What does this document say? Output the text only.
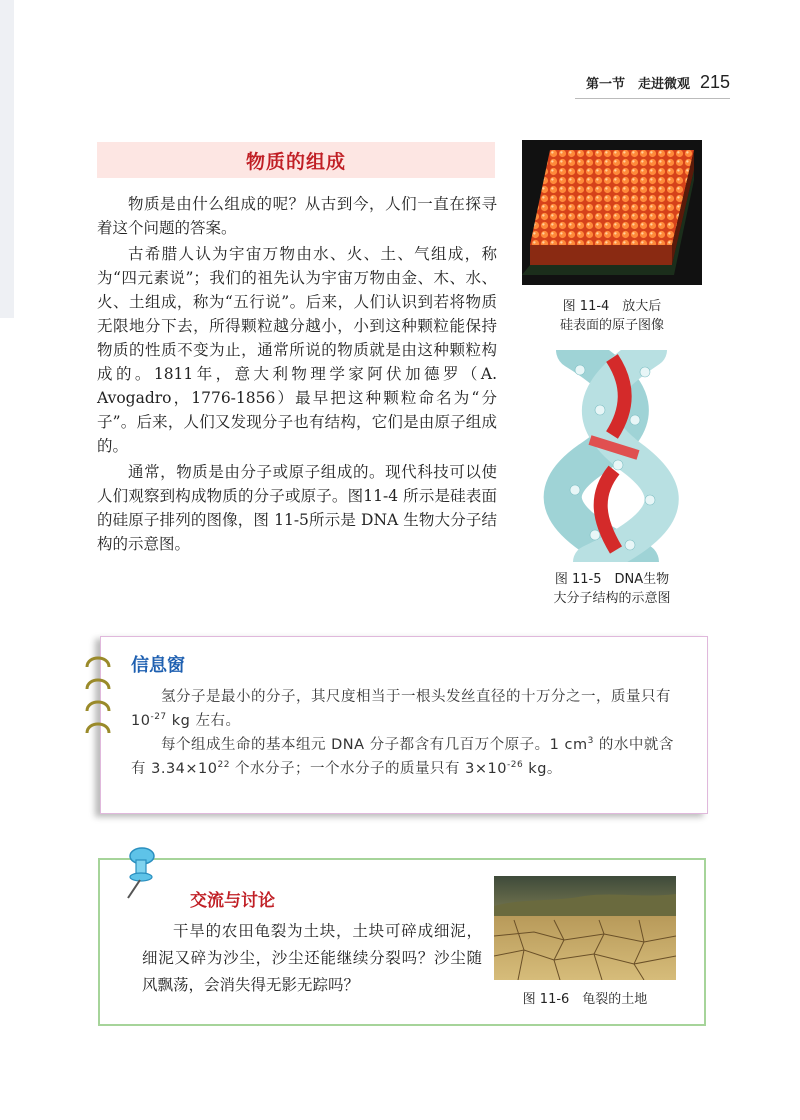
第一节　走进微观 215
物质的组成

物质是由什么组成的呢？从古到今，人们一直在探寻着这个问题的答案。

古希腊人认为宇宙万物由水、火、土、气组成，称为“四元素说”；我们的祖先认为宇宙万物由金、木、水、火、土组成，称为“五行说”。后来，人们认识到若将物质无限地分下去，所得颗粒越分越小，小到这种颗粒能保持物质的性质不变为止，通常所说的物质就是由这种颗粒构成的。1811年，意大利物理学家阿伏加德罗（A. Avogadro，1776-1856）最早把这种颗粒命名为“分子”。后来，人们又发现分子也有结构，它们是由原子组成的。

通常，物质是由分子或原子组成的。现代科技可以使人们观察到构成物质的分子或原子。图11-4 所示是硅表面的硅原子排列的图像，图 11-5所示是 DNA 生物大分子结构的示意图。

图 11-4　放大后
硅表面的原子图像
图 11-5　DNA生物
大分子结构的示意图
信息窗

氢分子是最小的分子，其尺度相当于一根头发丝直径的十万分之一，质量只有 $10^{-27}$ kg 左右。

每个组成生命的基本组元 DNA 分子都含有几百万个原子。1 $cm^3$ 的水中就含有 $3.34\times 10^{22}$ 个水分子；一个水分子的质量只有 $3\times 10^{-26}$ kg。

交流与讨论

干旱的农田龟裂为土块，土块可碎成细泥，细泥又碎为沙尘，沙尘还能继续分裂吗？沙尘随风飘荡，会消失得无影无踪吗？

图 11-6　龟裂的土地
